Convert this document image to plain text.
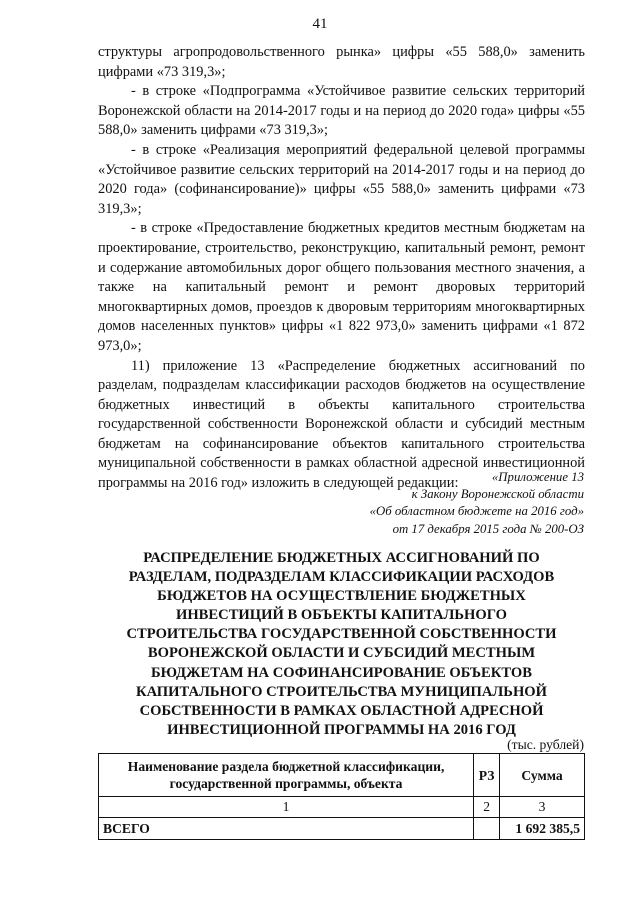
41

структуры агропродовольственного рынка» цифры «55 588,0» заменить цифрами «73 319,3»;

- в строке «Подпрограмма «Устойчивое развитие сельских территорий Воронежской области на 2014-2017 годы и на период до 2020 года» цифры «55 588,0» заменить цифрами «73 319,3»;

- в строке «Реализация мероприятий федеральной целевой программы «Устойчивое развитие сельских территорий на 2014-2017 годы и на период до 2020 года» (софинансирование)» цифры «55 588,0» заменить цифрами «73 319,3»;

- в строке «Предоставление бюджетных кредитов местным бюджетам на проектирование, строительство, реконструкцию, капитальный ремонт, ремонт и содержание автомобильных дорог общего пользования местного значения, а также на капитальный ремонт и ремонт дворовых территорий многоквартирных домов, проездов к дворовым территориям многоквартирных домов населенных пунктов» цифры «1 822 973,0» заменить цифрами «1 872 973,0»;

11) приложение 13 «Распределение бюджетных ассигнований по разделам, подразделам классификации расходов бюджетов на осуществление бюджетных инвестиций в объекты капитального строительства государственной собственности Воронежской области и субсидий местным бюджетам на софинансирование объектов капитального строительства муниципальной собственности в рамках областной адресной инвестиционной программы на 2016 год» изложить в следующей редакции:	«Приложение 13
к Закону Воронежской области
«Об областном бюджете на 2016 год»
от 17 декабря 2015 года № 200-ОЗ
РАСПРЕДЕЛЕНИЕ БЮДЖЕТНЫХ АССИГНОВАНИЙ ПО
РАЗДЕЛАМ, ПОДРАЗДЕЛАМ КЛАССИФИКАЦИИ РАСХОДОВ
БЮДЖЕТОВ НА ОСУЩЕСТВЛЕНИЕ БЮДЖЕТНЫХ
ИНВЕСТИЦИЙ В ОБЪЕКТЫ КАПИТАЛЬНОГО
СТРОИТЕЛЬСТВА ГОСУДАРСТВЕННОЙ СОБСТВЕННОСТИ
ВОРОНЕЖСКОЙ ОБЛАСТИ И СУБСИДИЙ МЕСТНЫМ
БЮДЖЕТАМ НА СОФИНАНСИРОВАНИЕ ОБЪЕКТОВ
КАПИТАЛЬНОГО СТРОИТЕЛЬСТВА МУНИЦИПАЛЬНОЙ
СОБСТВЕННОСТИ В РАМКАХ ОБЛАСТНОЙ АДРЕСНОЙ
ИНВЕСТИЦИОННОЙ ПРОГРАММЫ НА 2016 ГОД
(тыс. рублей)
Наименование раздела бюджетной классификации,
государственной программы, объекта	РЗ	Сумма
1	2	3
ВСЕГО		1 692 385,5
